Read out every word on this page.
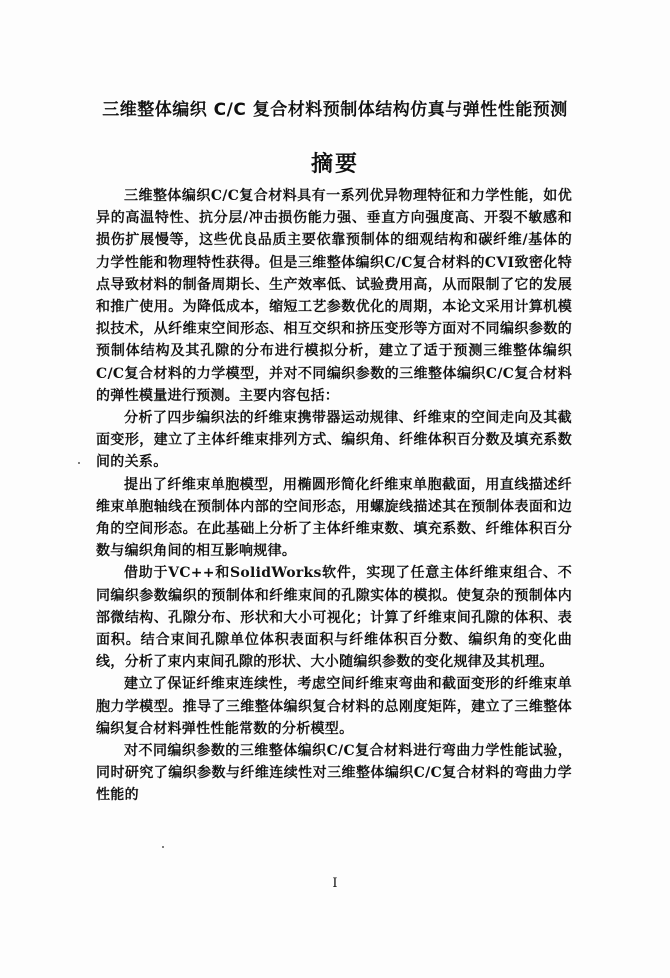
三维整体编织 C/C 复合材料预制体结构仿真与弹性性能预测
摘要

三维整体编织C/C复合材料具有一系列优异物理特征和力学性能，如优异的高温特性、抗分层/冲击损伤能力强、垂直方向强度高、开裂不敏感和损伤扩展慢等，这些优良品质主要依靠预制体的细观结构和碳纤维/基体的力学性能和物理特性获得。但是三维整体编织C/C复合材料的CVI致密化特点导致材料的制备周期长、生产效率低、试验费用高，从而限制了它的发展和推广使用。为降低成本，缩短工艺参数优化的周期，本论文采用计算机模拟技术，从纤维束空间形态、相互交织和挤压变形等方面对不同编织参数的预制体结构及其孔隙的分布进行模拟分析，建立了适于预测三维整体编织C/C复合材料的力学模型，并对不同编织参数的三维整体编织C/C复合材料的弹性模量进行预测。主要内容包括：

分析了四步编织法的纤维束携带器运动规律、纤维束的空间走向及其截面变形，建立了主体纤维束排列方式、编织角、纤维体积百分数及填充系数间的关系。

提出了纤维束单胞模型，用椭圆形简化纤维束单胞截面，用直线描述纤维束单胞轴线在预制体内部的空间形态，用螺旋线描述其在预制体表面和边角的空间形态。在此基础上分析了主体纤维束数、填充系数、纤维体积百分数与编织角间的相互影响规律。

借助于VC++和SolidWorks软件，实现了任意主体纤维束组合、不同编织参数编织的预制体和纤维束间的孔隙实体的模拟。使复杂的预制体内部微结构、孔隙分布、形状和大小可视化；计算了纤维束间孔隙的体积、表面积。结合束间孔隙单位体积表面积与纤维体积百分数、编织角的变化曲线，分析了束内束间孔隙的形状、大小随编织参数的变化规律及其机理。

建立了保证纤维束连续性，考虑空间纤维束弯曲和截面变形的纤维束单胞力学模型。推导了三维整体编织复合材料的总刚度矩阵，建立了三维整体编织复合材料弹性性能常数的分析模型。

对不同编织参数的三维整体编织C/C复合材料进行弯曲力学性能试验，同时研究了编织参数与纤维连续性对三维整体编织C/C复合材料的弯曲力学性能的

I
